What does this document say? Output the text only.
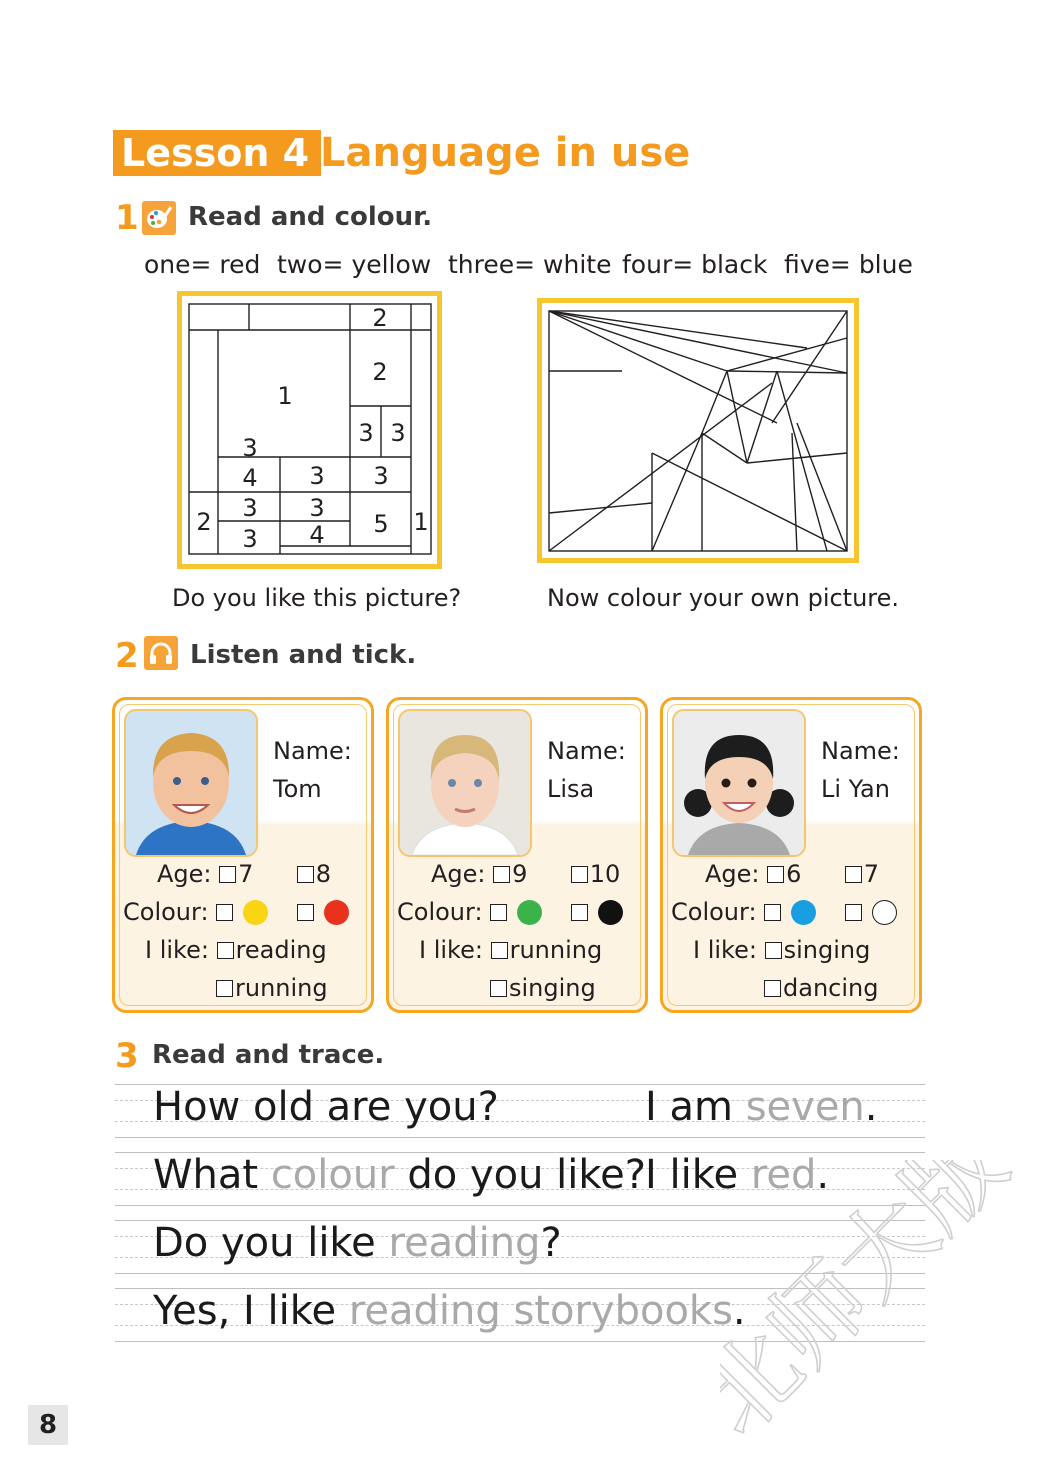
Lesson 4 Language in use
1 Read and colour.
one= red two= yellow three= white four= black five= blue
2
2
1
3 3
3 3
4
3 3
3
5 1
2
3
4
Do you like this picture?	Now colour your own picture.
2 Listen and tick.
Name:
Tom
Age: 7	8
Colour:
I like: reading
running
Name:
Lisa
Age: 9	10
Colour:
I like: running
singing
Name:
Li Yan
Age: 6	7
Colour:
I like: singing
dancing
3 Read and trace.
How old are you?	I am seven.
What colour do you like? I like red.
Do you like reading?
Yes, I like reading storybooks.
北师大版
8
